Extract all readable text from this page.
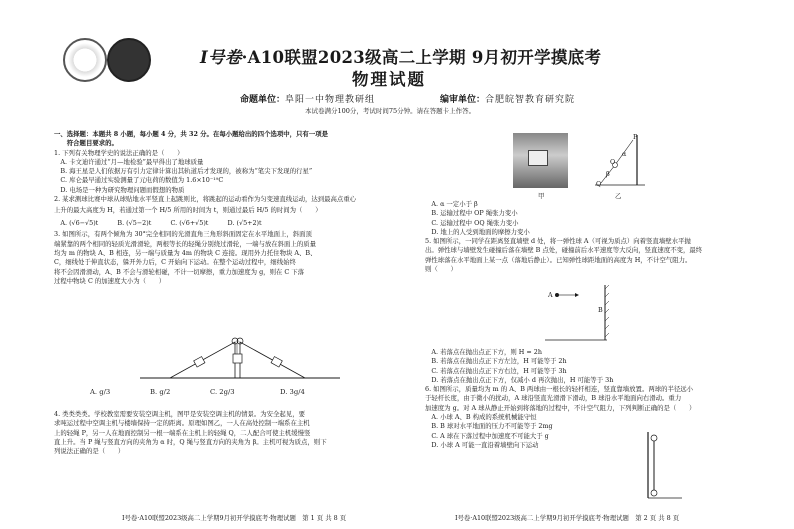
Ⅰ号卷·A10联盟2023级高二上学期 9月初开学摸底考
物理试题
命题单位：阜阳一中物理教研组	编审单位：合肥皖智教育研究院
本试卷满分100分，考试时间75分钟。请在答题卡上作答。
一、选择题：本题共 8 小题，每小题 4 分，共 32 分。在每小题给出的四个选项中，只有一项是
　　符合题目要求的。
1. 下列有关物理学史的说法正确的是（　　）
　A. 卡文迪许通过“月—地检验”最早得出了地球质量
　B. 海王星是人们依据万有引力定律计算出其轨道后才发现的，被称为“笔尖下发现的行星”
　C. 库仑最早通过实验测量了元电荷的数值为 1.6×10⁻¹⁹C
　D. 电场是一种为研究物理问题而假想的物质
2. 某求测球比赛中球从球贴地水平竖直上起跳则比，将跳起的运动看作为匀变速直线运动，达到最高点重心
上升的最大高度为 H，若通过第一个 H/5 所用的时间为 t，则通过最后 H/5 的时间为（　　）
　A. (√6−√5)t　　　B. (√5−2)t　　　C. (√6+√5)t　　　D. (√5+2)t
3. 如图所示，有两个倾角为 30°完全相同的光滑直角三角形斜面固定在水平地面上，斜面顶
端紧靠的两个相同的轻质光滑滑轮，两根等长的轻绳分别绕过滑轮，一端与放在斜面上的质量
均为 m 的物块 A、B 相连，另一端与质量为 4m 的物块 C 连接。现用外力托住物块 A、B、
C，细线处于伸直状态，躲开外力后，C 开始向下运动。在整个运动过程中，细线始终
将不会因滑滑动，A、B 不会与滑轮相碰，不计一切摩擦，重力加速度为 g，则在 C 下落
过程中物块 C 的加速度大小为（　　）
A. g/3	B. g/2	C. 2g/3	D. 3g/4
4. 类类类类。学校教室需要安装空调主机，图甲是安装空调主机的情景。为安全起见，要
求吨运过程中空调主机与楼墙保持一定的距离。原理如图乙，一人在高处控制一端系在主机
上的轻绳 P，另一人在地面控制另一根一端系在主机上的轻绳 Q，二人配合可使主机缓慢竖
直上升。当 P 绳与竖直方向的夹角为 α 时，Q 绳与竖直方向的夹角为 β。主机可视为质点，则下
列说法正确的是（　　）
甲
P
O
α
β
Q
乙
　A. α 一定小于 β
　B. 运输过程中 OP 绳张力变小
　C. 运输过程中 OQ 绳张力变小
　D. 地上的人受到地面的摩擦力变小
5. 如图所示，一同学在距离竖直墙壁 d 处，将一弹性球 A（可视为质点）向着竖直墙壁水平抛
出。弹性球与墙壁发生碰撞后落在墙壁 B 点处，碰撞前后水平速度等大反向，竖直速度不变，最终
弹性球落在水平地面上某一点（落地后静止）。已知弹性球距地面的高度为 H，不计空气阻力。
则（　　）
A
B
　A. 若落点在抛出点正下方，则 H = 2h
　B. 若落点在抛出点正下方左边，H 可能等于 2h
　C. 若落点在抛出点正下方右边，H 可能等于 3h
　D. 若落点在抛出点正下方，仅减小 d 再次抛出，H 可能等于 3h
6. 如图所示，质量均为 m 的 A、B 两球由一根长的轻杆相连，竖直靠墙放置。两球的半径远小
于轻杆长度，由于微小的扰动，A 球沿竖直光滑滑下滑动，B 球沿水平地面向右滑动。重力
加速度为 g。对 A 球从静止开始到将落地的过程中，不计空气阻力，下列判断正确的是（　　）
　A. 小球 A、B 构成的系统机械能守恒
　B. B 球对水平地面的压力不可能等于 2mg
　C. A 球在下落过程中加速度不可能大于 g
　D. 小球 A 可能一直沿着墙壁向下运动
Ⅰ号卷·A10联盟2023级高二上学期9月初开学摸底考·物理试题　第 1 页 共 8 页	Ⅰ号卷·A10联盟2023级高二上学期9月初开学摸底考·物理试题　第 2 页 共 8 页
